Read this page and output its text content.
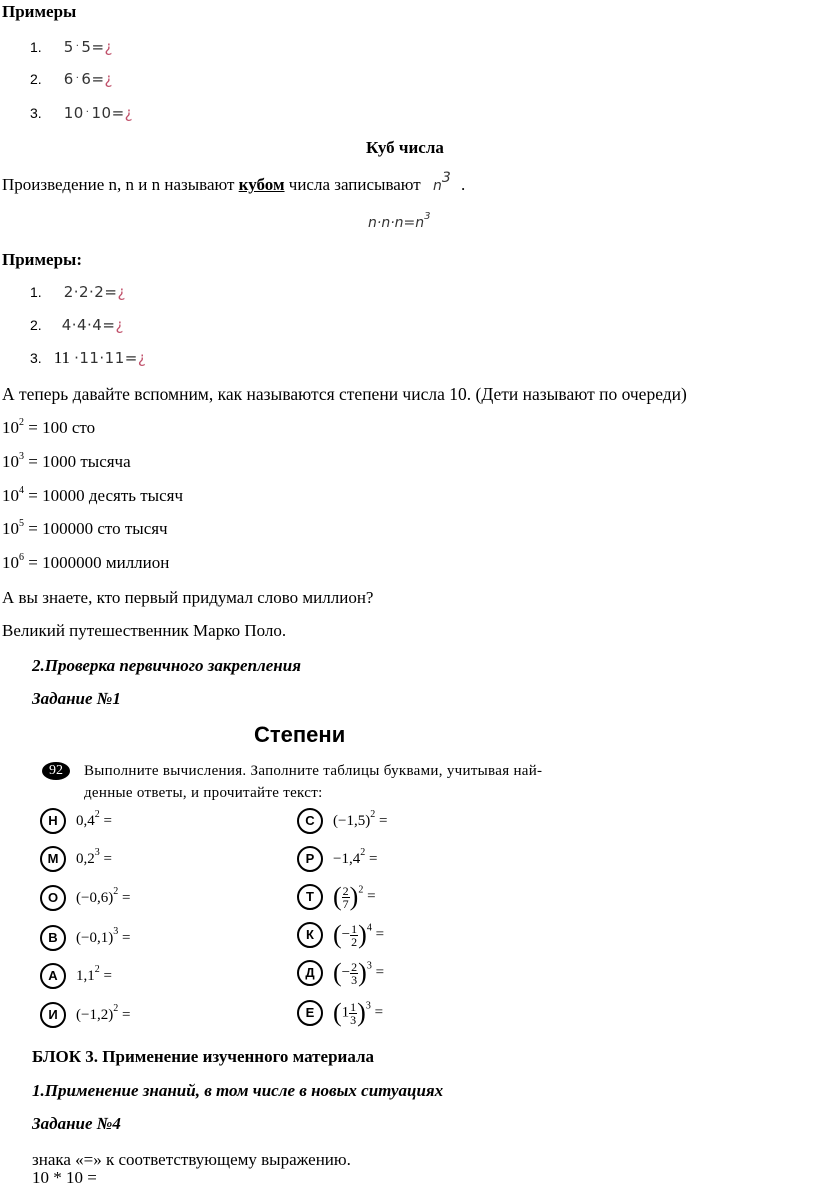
Примеры
1. 5 · 5=¿
2. 6 · 6=¿
3. 10 · 10=¿
Куб числа
Произведение n, n и n называют кубом числа записывают $n^3$ .
$n\cdot n\cdot n=n^3$
Примеры:
1. 2·2·2=¿
2. 4·4·4=¿
3. 11 ·11·11=¿
А теперь давайте вспомним, как называются степени числа 10. (Дети называют по очереди)
$10^2 = 100$ сто
$10^3 = 1000$ тысяча
$10^4 = 10000$ десять тысяч
$10^5 = 100000$ сто тысяч
$10^6 = 1000000$ миллион
А вы знаете, кто первый придумал слово миллион?
Великий путешественник Марко Поло.
2.Проверка первичного закрепления
Задание №1
Степени
92	Выполните вычисления. Заполните таблицы буквами, учитывая най-
денные ответы, и прочитайте текст:
Н $0,4^2$ =
М $0,2^3$ =
О $(-0,6)^2$ =
В $(-0,1)^3$ =
А $1,1^2$ =
И $(-1,2)^2$ =
С $(-1,5)^2$ =
$Р -1,4^2$ =
Т ( $\frac{2}{7} )^2$ =
К (− $\frac{1}{2} )^4$ =
Д (− $\frac{2}{3} )^3$ =
Е $(1 \frac{1}{3} )^3$ =
БЛОК 3. Применение изученного материала
1.Применение знаний, в том числе в новых ситуациях
Задание №4
знака «=» к соответствующему выражению.
10 * 10 =
